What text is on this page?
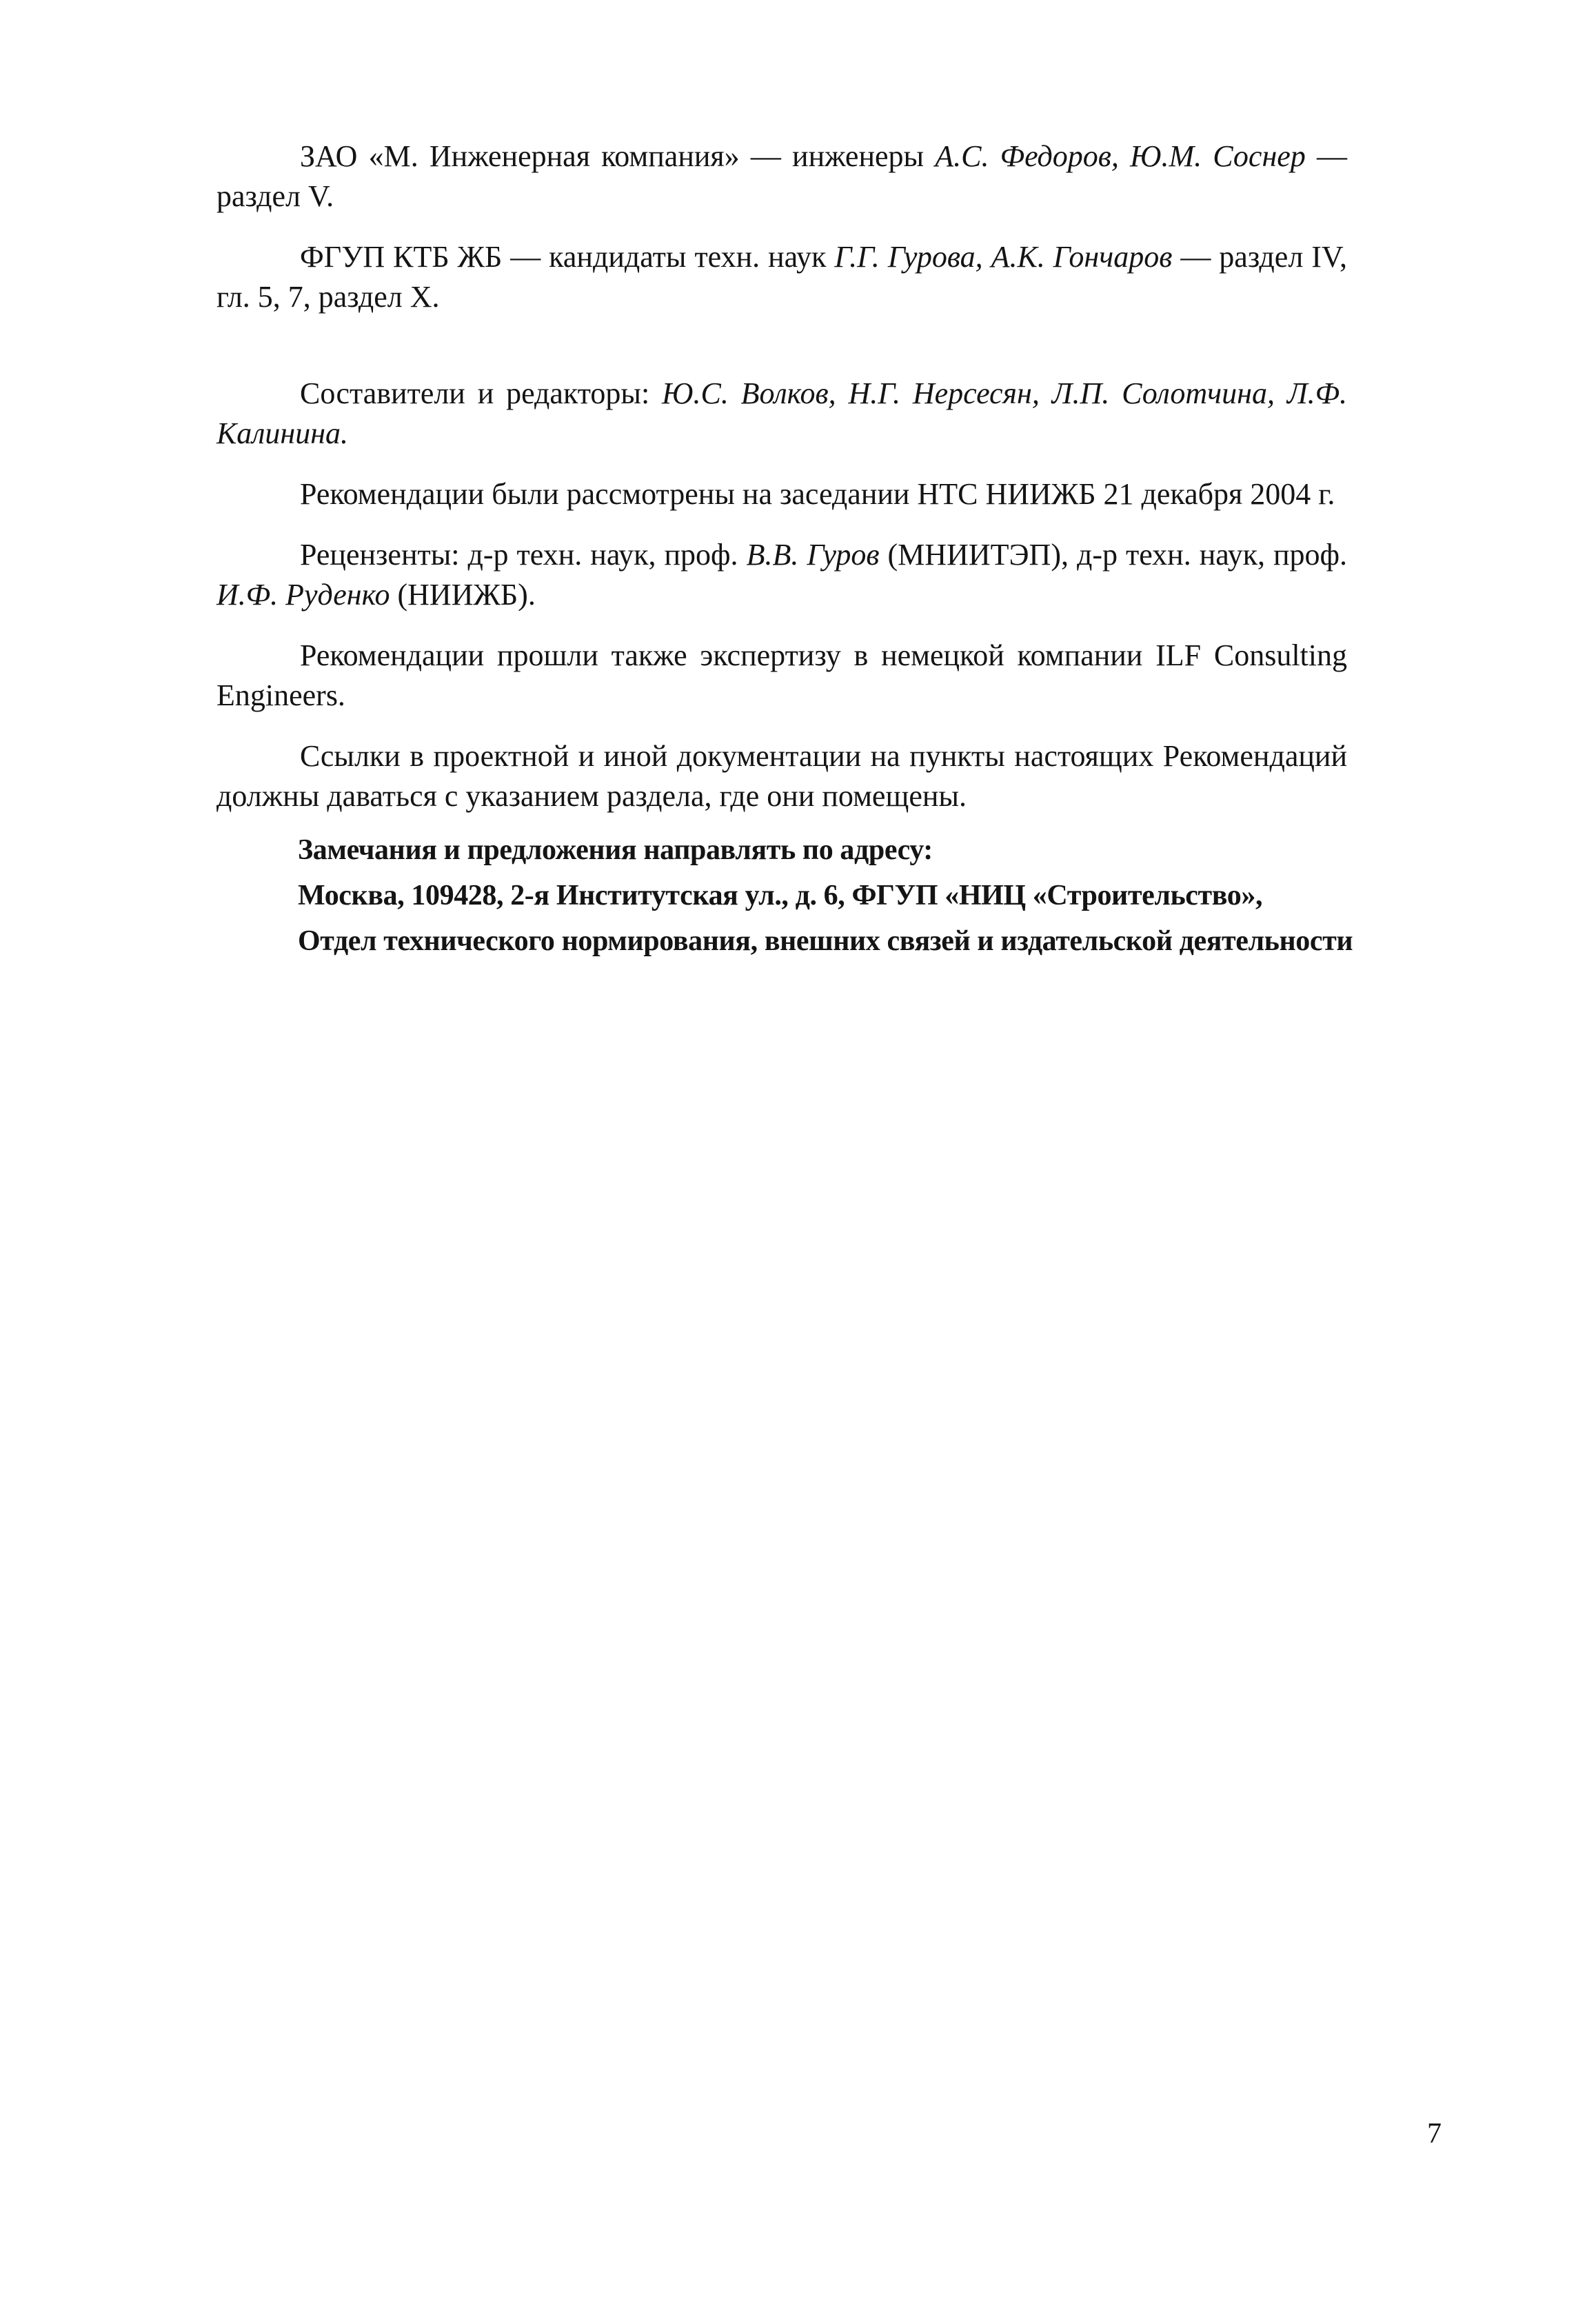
ЗАО «М. Инженерная компания» — инженеры А.С. Федоров, Ю.М. Соснер — раздел V.

ФГУП КТБ ЖБ — кандидаты техн. наук Г.Г. Гурова, А.К. Гончаров — раздел IV, гл. 5, 7, раздел X.

Составители и редакторы: Ю.С. Волков, Н.Г. Нерсесян, Л.П. Солотчина, Л.Ф. Калинина.

Рекомендации были рассмотрены на заседании НТС НИИЖБ 21 декабря 2004 г.

Рецензенты: д-р техн. наук, проф. В.В. Гуров (МНИИТЭП), д-р техн. наук, проф. И.Ф. Руденко (НИИЖБ).

Рекомендации прошли также экспертизу в немецкой компании ILF Consulting Engineers.

Ссылки в проектной и иной документации на пункты настоящих Рекомендаций должны даваться с указанием раздела, где они помещены.

Замечания и предложения направлять по адресу:

Москва, 109428, 2-я Институтская ул., д. 6, ФГУП «НИЦ «Строительство»,

Отдел технического нормирования, внешних связей и издательской деятельности

7
